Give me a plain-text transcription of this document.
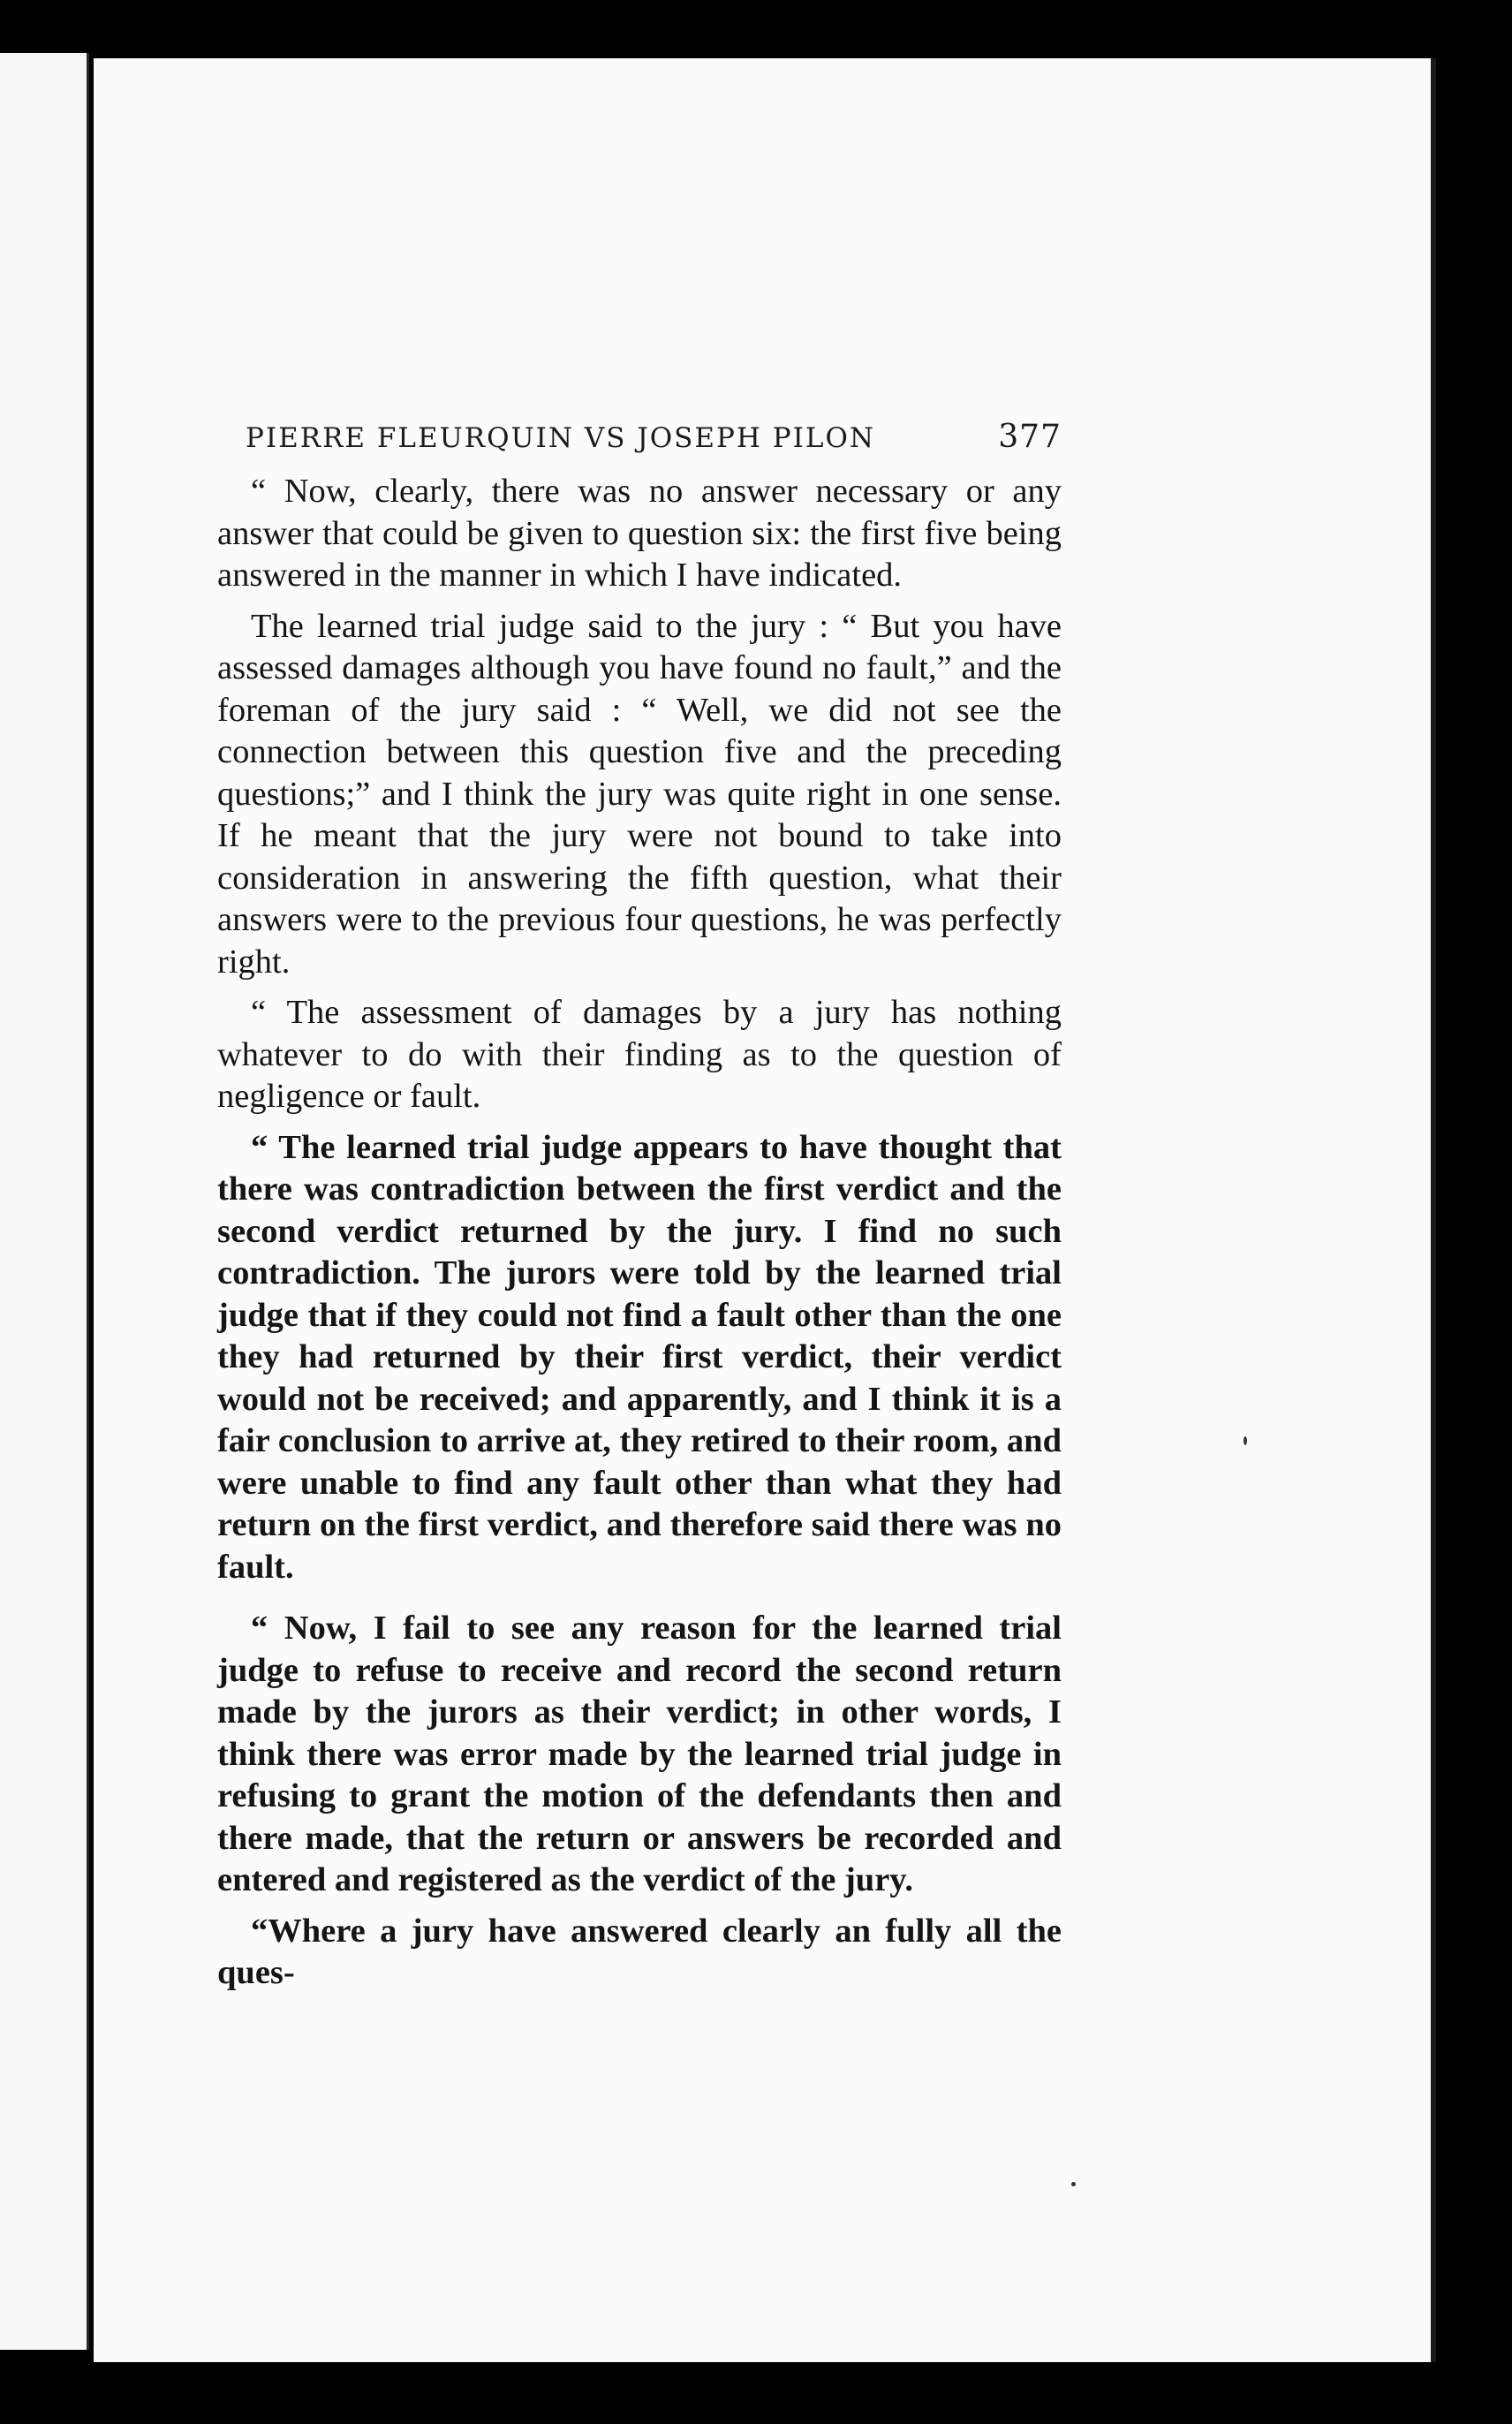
PIERRE FLEURQUIN VS JOSEPH PILON	377

“ Now, clearly, there was no answer necessary or any answer that could be given to question six: the first five being answered in the manner in which I have indicated.

The learned trial judge said to the jury : “ But you have assessed damages although you have found no fault,” and the foreman of the jury said : “ Well, we did not see the connection between this question five and the preceding questions;” and I think the jury was quite right in one sense. If he meant that the jury were not bound to take into consideration in answering the fifth question, what their answers were to the previous four questions, he was perfectly right.

“ The assessment of damages by a jury has nothing whatever to do with their finding as to the question of negligence or fault.

“ The learned trial judge appears to have thought that there was contradiction between the first verdict and the second verdict returned by the jury. I find no such contradiction. The jurors were told by the learned trial judge that if they could not find a fault other than the one they had returned by their first verdict, their verdict would not be received; and apparently, and I think it is a fair conclusion to arrive at, they retired to their room, and were unable to find any fault other than what they had return on the first verdict, and therefore said there was no fault.

“ Now, I fail to see any reason for the learned trial judge to refuse to receive and record the second return made by the jurors as their verdict; in other words, I think there was error made by the learned trial judge in refusing to grant the motion of the defendants then and there made, that the return or answers be recorded and entered and registered as the verdict of the jury.

“Where a jury have answered clearly an fully all the ques-
